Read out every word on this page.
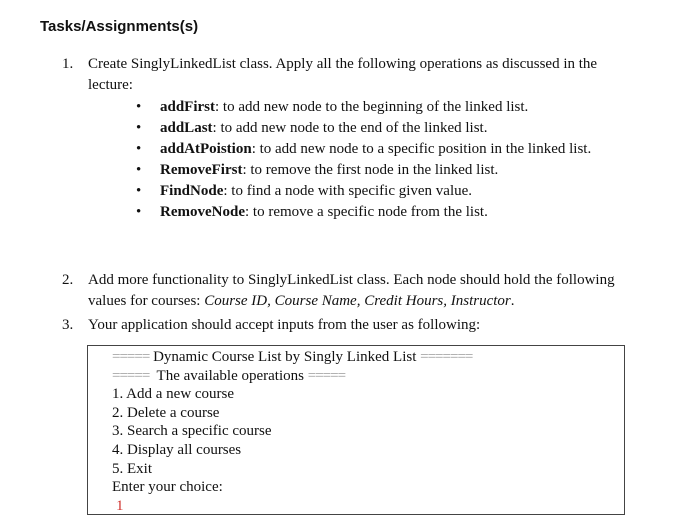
Tasks/Assignments(s)
1. Create SinglyLinkedList class. Apply all the following operations as discussed in the lecture:
• addFirst: to add new node to the beginning of the linked list.
• addLast: to add new node to the end of the linked list.
• addAtPoistion: to add new node to a specific position in the linked list.
• RemoveFirst: to remove the first node in the linked list.
• FindNode: to find a node with specific given value.
• RemoveNode: to remove a specific node from the list.
2. Add more functionality to SinglyLinkedList class. Each node should hold the following values for courses: Course ID, Course Name, Credit Hours, Instructor.
3. Your application should accept inputs from the user as following:
===== Dynamic Course List by Singly Linked List =======
=====  The available operations =====
1. Add a new course
2. Delete a course
3. Search a specific course
4. Display all courses
5. Exit
Enter your choice:
1
